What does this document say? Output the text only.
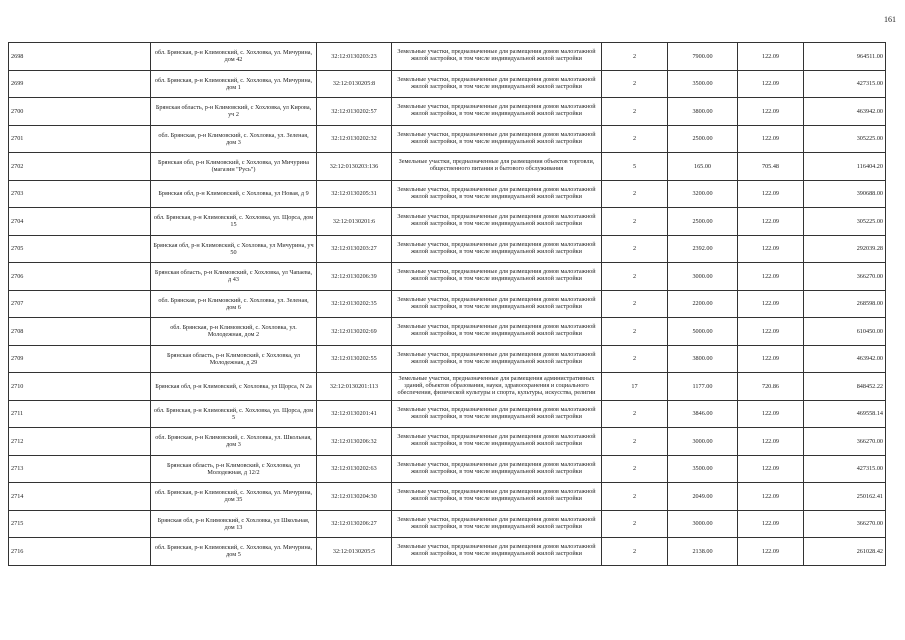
161
2698	обл. Брянская, р-н Климовский, с. Хохловка, ул. Мичурина, дом 42	32:12:0130203:23	Земельные участки, предназначенные для размещения домов малоэтажной жилой застройки, в том числе индивидуальной жилой застройки	2	7900.00	122.09	964511.00
2699	обл. Брянская, р-н Климовский, с. Хохловка, ул. Мичурина, дом 1	32:12:0130205:8	Земельные участки, предназначенные для размещения домов малоэтажной жилой застройки, в том числе индивидуальной жилой застройки	2	3500.00	122.09	427315.00
2700	Брянская область, р-н Климовский, с Хохловка, ул Кирова, уч 2	32:12:0130202:57	Земельные участки, предназначенные для размещения домов малоэтажной жилой застройки, в том числе индивидуальной жилой застройки	2	3800.00	122.09	463942.00
2701	обл. Брянская, р-н Климовский, с. Хохловка, ул. Зеленая, дом 3	32:12:0130202:32	Земельные участки, предназначенные для размещения домов малоэтажной жилой застройки, в том числе индивидуальной жилой застройки	2	2500.00	122.09	305225.00
2702	Брянская обл, р-н Климовский, с Хохловка, ул Мичурина (магазин "Русь")	32:12:0130203:136	Земельные участки, предназначенные для размещения объектов торговли, общественного питания и бытового обслуживания	5	165.00	705.48	116404.20
2703	Брянская обл, р-н Климовский, с Хохловка, ул Новая, д 9	32:12:0130205:31	Земельные участки, предназначенные для размещения домов малоэтажной жилой застройки, в том числе индивидуальной жилой застройки	2	3200.00	122.09	390688.00
2704	обл. Брянская, р-н Климовский, с. Хохловка, ул. Щорса, дом 15	32:12:0130201:6	Земельные участки, предназначенные для размещения домов малоэтажной жилой застройки, в том числе индивидуальной жилой застройки	2	2500.00	122.09	305225.00
2705	Брянская обл, р-н Климовский, с Хохловка, ул Мичурина, уч 50	32:12:0130203:27	Земельные участки, предназначенные для размещения домов малоэтажной жилой застройки, в том числе индивидуальной жилой застройки	2	2392.00	122.09	292039.28
2706	Брянская область, р-н Климовский, с Хохловка, ул Чапаева, д 43	32:12:0130206:39	Земельные участки, предназначенные для размещения домов малоэтажной жилой застройки, в том числе индивидуальной жилой застройки	2	3000.00	122.09	366270.00
2707	обл. Брянская, р-н Климовский, с. Хохловка, ул. Зеленая, дом 6	32:12:0130202:35	Земельные участки, предназначенные для размещения домов малоэтажной жилой застройки, в том числе индивидуальной жилой застройки	2	2200.00	122.09	268598.00
2708	обл. Брянская, р-н Климовский, с. Хохловка, ул. Молодежная, дом 2	32:12:0130202:69	Земельные участки, предназначенные для размещения домов малоэтажной жилой застройки, в том числе индивидуальной жилой застройки	2	5000.00	122.09	610450.00
2709	Брянская область, р-н Климовский, с Хохловка, ул Молодежная, д 29	32:12:0130202:55	Земельные участки, предназначенные для размещения домов малоэтажной жилой застройки, в том числе индивидуальной жилой застройки	2	3800.00	122.09	463942.00
2710	Брянская обл, р-н Климовский, с Хохловка, ул Щорса, N 2а	32:12:0130201:113	Земельные участки, предназначенные для размещения административных зданий, объектов образования, науки, здравоохранения и социального обеспечения, физической культуры и спорта, культуры, искусства, религии	17	1177.00	720.86	848452.22
2711	обл. Брянская, р-н Климовский, с. Хохловка, ул. Щорса, дом 5	32:12:0130201:41	Земельные участки, предназначенные для размещения домов малоэтажной жилой застройки, в том числе индивидуальной жилой застройки	2	3846.00	122.09	469558.14
2712	обл. Брянская, р-н Климовский, с. Хохловка, ул. Школьная, дом 3	32:12:0130206:32	Земельные участки, предназначенные для размещения домов малоэтажной жилой застройки, в том числе индивидуальной жилой застройки	2	3000.00	122.09	366270.00
2713	Брянская область, р-н Климовский, с Хохловка, ул Молодежная, д 12/2	32:12:0130202:63	Земельные участки, предназначенные для размещения домов малоэтажной жилой застройки, в том числе индивидуальной жилой застройки	2	3500.00	122.09	427315.00
2714	обл. Брянская, р-н Климовский, с. Хохловка, ул. Мичурина, дом 35	32:12:0130204:30	Земельные участки, предназначенные для размещения домов малоэтажной жилой застройки, в том числе индивидуальной жилой застройки	2	2049.00	122.09	250162.41
2715	Брянская обл, р-н Климовский, с Хохловка, ул Школьная, дом 13	32:12:0130206:27	Земельные участки, предназначенные для размещения домов малоэтажной жилой застройки, в том числе индивидуальной жилой застройки	2	3000.00	122.09	366270.00
2716	обл. Брянская, р-н Климовский, с. Хохловка, ул. Мичурина, дом 5	32:12:0130205:5	Земельные участки, предназначенные для размещения домов малоэтажной жилой застройки, в том числе индивидуальной жилой застройки	2	2138.00	122.09	261028.42
